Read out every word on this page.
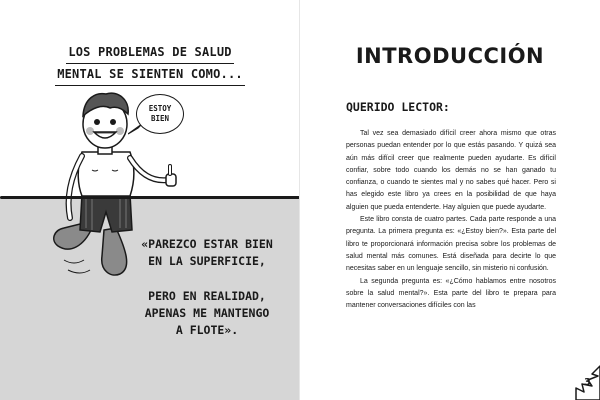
LOS PROBLEMAS DE SALUD
MENTAL SE SIENTEN COMO...
ESTOY
BIEN

«PAREZCO ESTAR BIEN
EN LA SUPERFICIE,

PERO EN REALIDAD,
APENAS ME MANTENGO
A FLOTE».

INTRODUCCIÓN
QUERIDO LECTOR:

Tal vez sea demasiado difícil creer ahora mismo que otras personas puedan entender por lo que estás pasando. Y quizá sea aún más difícil creer que realmente pueden ayudarte. Es difícil confiar, sobre todo cuando los demás no se han ganado tu confianza, o cuando te sientes mal y no sabes qué hacer. Pero si has elegido este libro ya crees en la posibilidad de que haya alguien que pueda entenderte. Hay alguien que puede ayudarte.

Este libro consta de cuatro partes. Cada parte responde a una pregunta. La primera pregunta es: «¿Estoy bien?». Esta parte del libro te proporcionará información precisa sobre los problemas de salud mental más comunes. Está diseñada para decirte lo que necesitas saber en un lenguaje sencillo, sin misterio ni confusión.

La segunda pregunta es: «¿Cómo hablamos entre nosotros sobre la salud mental?». Esta parte del libro te prepara para mantener conversaciones difíciles con las

3
